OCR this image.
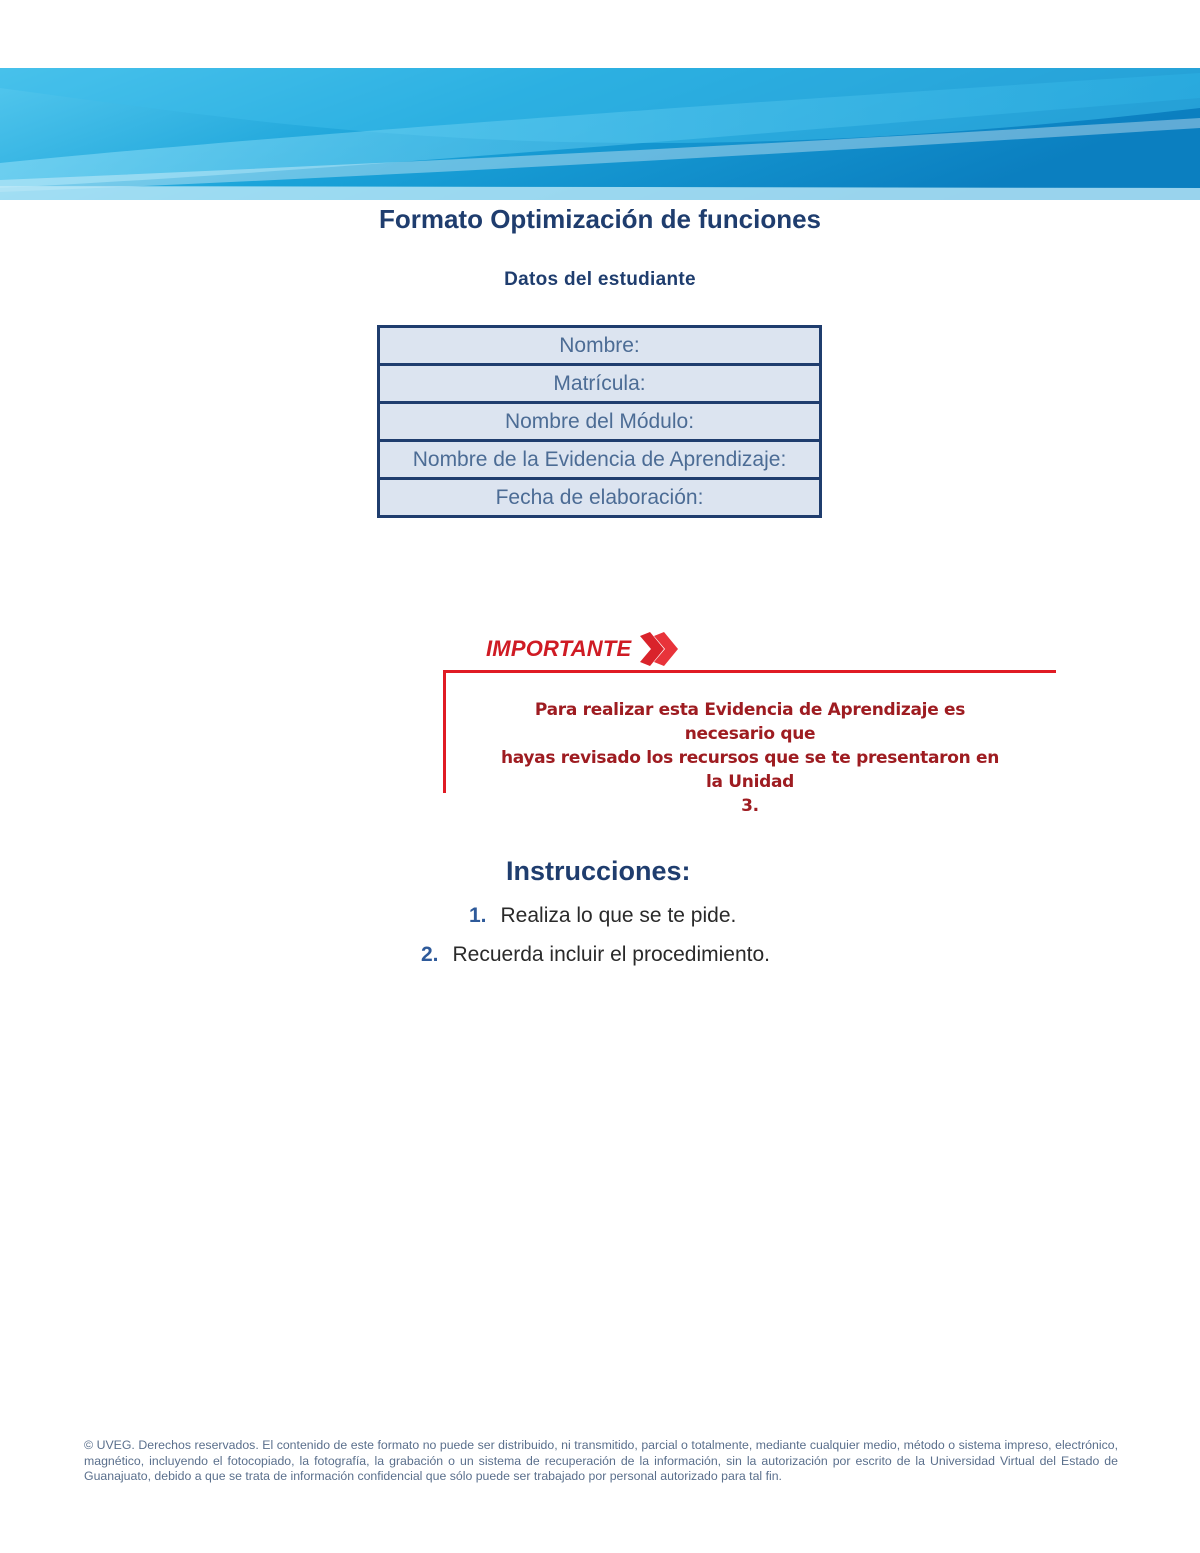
Formato Optimización de funciones
Datos del estudiante
Nombre:
Matrícula:
Nombre del Módulo:
Nombre de la Evidencia de Aprendizaje:
Fecha de elaboración:
IMPORTANTE
Para realizar esta Evidencia de Aprendizaje es necesario que
hayas revisado los recursos que se te presentaron en la Unidad
3.
Instrucciones:
1. Realiza lo que se te pide.
2. Recuerda incluir el procedimiento.
© UVEG. Derechos reservados. El contenido de este formato no puede ser distribuido, ni transmitido, parcial o totalmente, mediante cualquier medio, método o sistema impreso, electrónico, magnético, incluyendo el fotocopiado, la fotografía, la grabación o un sistema de recuperación de la información, sin la autorización por escrito de la Universidad Virtual del Estado de Guanajuato, debido a que se trata de información confidencial que sólo puede ser trabajado por personal autorizado para tal fin.
